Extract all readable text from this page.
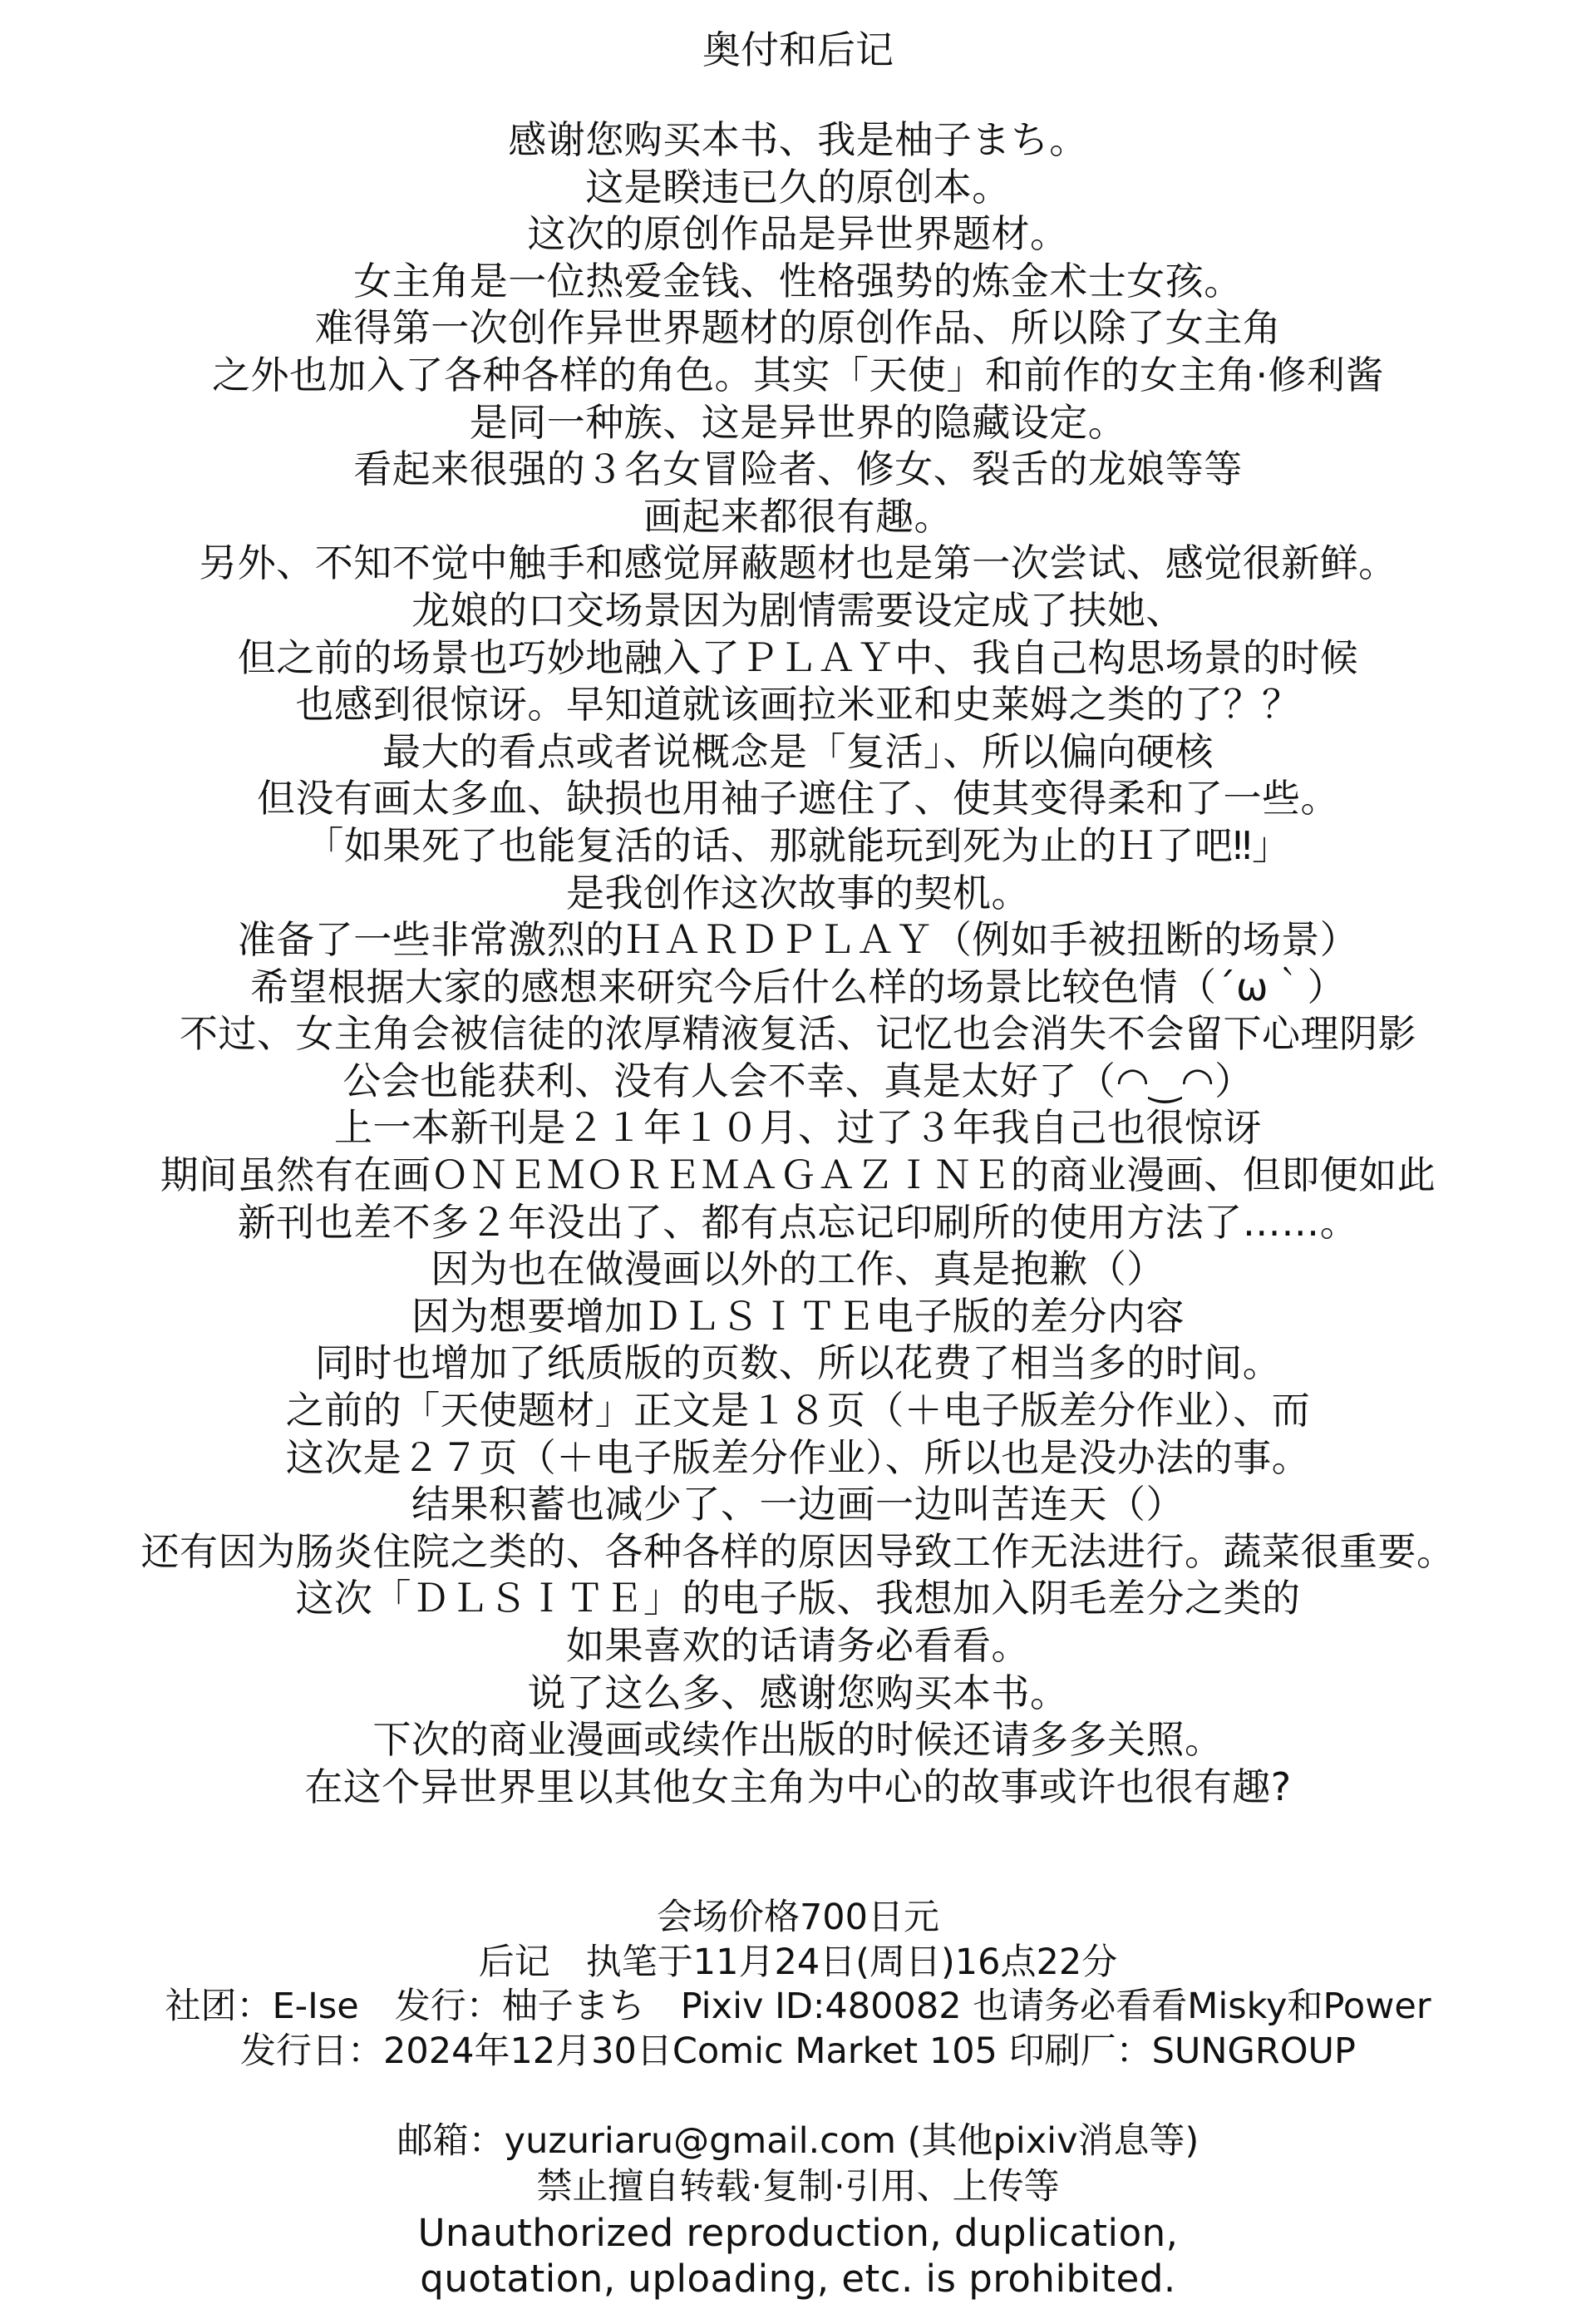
奥付和后记
感谢您购买本书、我是柚子まち。
这是睽违已久的原创本。
这次的原创作品是异世界题材。
女主角是一位热爱金钱、性格强势的炼金术士女孩。
难得第一次创作异世界题材的原创作品、所以除了女主角
之外也加入了各种各样的角色。其实「天使」和前作的女主角·修利酱
是同一种族、这是异世界的隐藏设定。
看起来很强的３名女冒险者、修女、裂舌的龙娘等等
画起来都很有趣。
另外、不知不觉中触手和感觉屏蔽题材也是第一次尝试、感觉很新鲜。
龙娘的口交场景因为剧情需要设定成了扶她、
但之前的场景也巧妙地融入了ＰＬＡＹ中、我自己构思场景的时候
也感到很惊讶。早知道就该画拉米亚和史莱姆之类的了？？
最大的看点或者说概念是「复活」、所以偏向硬核
但没有画太多血、缺损也用袖子遮住了、使其变得柔和了一些。
「如果死了也能复活的话、那就能玩到死为止的Ｈ了吧‼」
是我创作这次故事的契机。
准备了一些非常激烈的ＨＡＲＤＰＬＡＹ（例如手被扭断的场景）
希望根据大家的感想来研究今后什么样的场景比较色情（´ω｀）
不过、女主角会被信徒的浓厚精液复活、记忆也会消失不会留下心理阴影
公会也能获利、没有人会不幸、真是太好了（◠‿◠）
上一本新刊是２１年１０月、过了３年我自己也很惊讶
期间虽然有在画ＯＮＥＭＯＲＥＭＡＧＡＺＩＮＥ的商业漫画、但即便如此
新刊也差不多２年没出了、都有点忘记印刷所的使用方法了……。
因为也在做漫画以外的工作、真是抱歉（）
因为想要增加ＤＬＳＩＴＥ电子版的差分内容
同时也增加了纸质版的页数、所以花费了相当多的时间。
之前的「天使题材」正文是１８页（＋电子版差分作业）、而
这次是２７页（＋电子版差分作业）、所以也是没办法的事。
结果积蓄也减少了、一边画一边叫苦连天（）
还有因为肠炎住院之类的、各种各样的原因导致工作无法进行。蔬菜很重要。
这次「ＤＬＳＩＴＥ」的电子版、我想加入阴毛差分之类的
如果喜欢的话请务必看看。
说了这么多、感谢您购买本书。
下次的商业漫画或续作出版的时候还请多多关照。
在这个异世界里以其他女主角为中心的故事或许也很有趣?
会场价格700日元
后记　执笔于11月24日(周日)16点22分
社团：E-Ise　发行：柚子まち　Pixiv ID:480082 也请务必看看Misky和Power
发行日：2024年12月30日Comic Market 105 印刷厂：SUNGROUP
邮箱：yuzuriaru@gmail.com (其他pixiv消息等)
禁止擅自转载·复制·引用、上传等
Unauthorized reproduction, duplication,
quotation, uploading, etc. is prohibited.
